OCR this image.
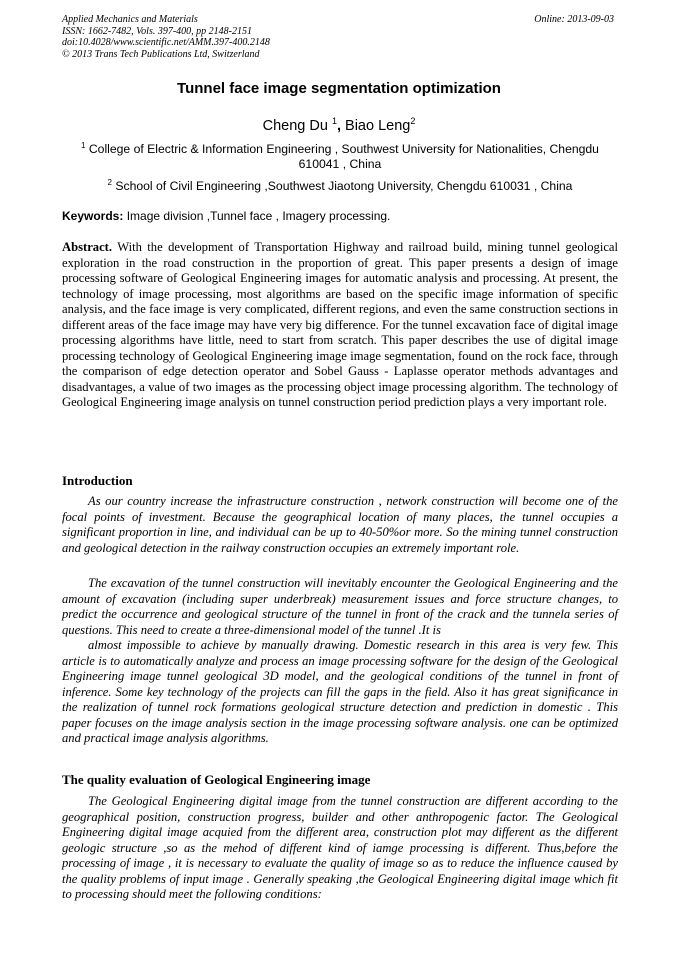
Applied Mechanics and Materials
ISSN: 1662-7482, Vols. 397-400, pp 2148-2151
doi:10.4028/www.scientific.net/AMM.397-400.2148
© 2013 Trans Tech Publications Ltd, Switzerland
Online: 2013-09-03
Tunnel face image segmentation optimization
Cheng Du $^1$, Biao Leng$^2$
$^1$ College of Electric & Information Engineering , Southwest University for Nationalities, Chengdu 610041 , China
$^2$ School of Civil Engineering ,Southwest Jiaotong University, Chengdu 610031 , China
Keywords: Image division ,Tunnel face , Imagery processing.
Abstract. With the development of Transportation Highway and railroad build, mining tunnel geological exploration in the road construction in the proportion of great. This paper presents a design of image processing software of Geological Engineering images for automatic analysis and processing. At present, the technology of image processing, most algorithms are based on the specific image information of specific analysis, and the face image is very complicated, different regions, and even the same construction sections in different areas of the face image may have very big difference. For the tunnel excavation face of digital image processing algorithms have little, need to start from scratch. This paper describes the use of digital image processing technology of Geological Engineering image image segmentation, found on the rock face, through the comparison of edge detection operator and Sobel Gauss - Laplasse operator methods advantages and disadvantages, a value of two images as the processing object image processing algorithm. The technology of Geological Engineering image analysis on tunnel construction period prediction plays a very important role.
Introduction
As our country increase the infrastructure construction , network construction will become one of the focal points of investment. Because the geographical location of many places, the tunnel occupies a significant proportion in line, and individual can be up to 40-50%or more. So the mining tunnel construction and geological detection in the railway construction occupies an extremely important role.
The excavation of the tunnel construction will inevitably encounter the Geological Engineering and the amount of excavation (including super underbreak) measurement issues and force structure changes, to predict the occurrence and geological structure of the tunnel in front of the crack and the tunnela series of questions. This need to create a three-dimensional model of the tunnel .It is
almost impossible to achieve by manually drawing. Domestic research in this area is very few. This article is to automatically analyze and process an image processing software for the design of the Geological Engineering image tunnel geological 3D model, and the geological conditions of the tunnel in front of inference. Some key technology of the projects can fill the gaps in the field. Also it has great significance in the realization of tunnel rock formations geological structure detection and prediction in domestic . This paper focuses on the image analysis section in the image processing software analysis. one can be optimized and practical image analysis algorithms.
The quality evaluation of Geological Engineering image
The Geological Engineering digital image from the tunnel construction are different according to the geographical position, construction progress, builder and other anthropogenic factor. The Geological Engineering digital image acquied from the different area, construction plot may different as the different geologic structure ,so as the mehod of different kind of iamge processing is different. Thus,before the processing of image , it is necessary to evaluate the quality of image so as to reduce the influence caused by the quality problems of input image . Generally speaking ,the Geological Engineering digital image which fit to processing should meet the following conditions:
